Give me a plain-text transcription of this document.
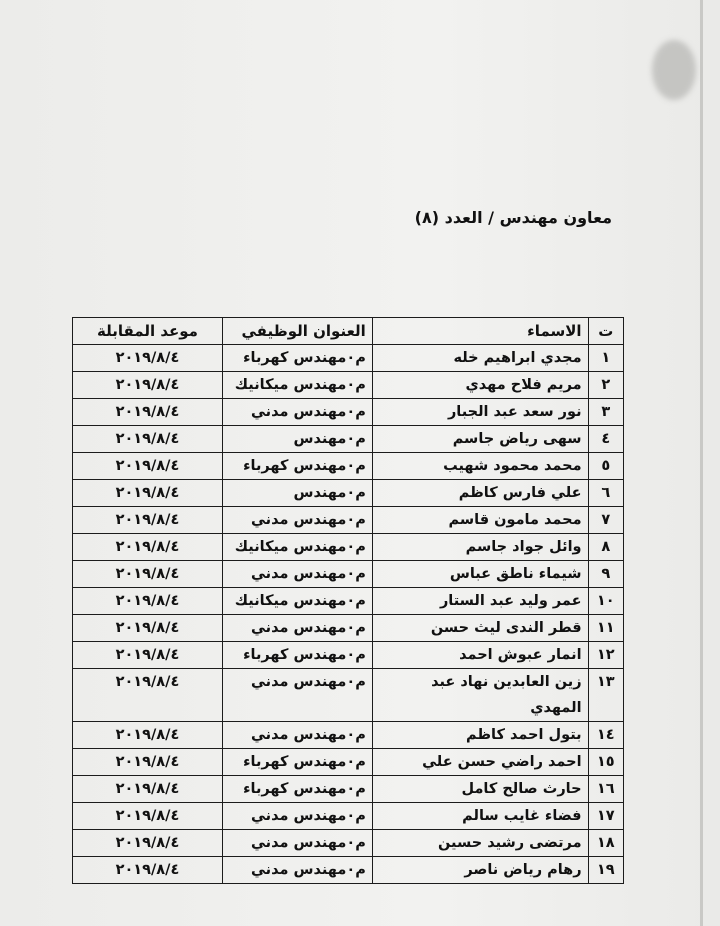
معاون مهندس / العدد (٨)
ت	الاسماء	العنوان الوظيفي	موعد المقابلة
١	مجدي ابراهيم خله	م٠مهندس كهرباء	٢٠١٩/٨/٤
٢	مريم فلاح مهدي	م٠مهندس ميكانيك	٢٠١٩/٨/٤
٣	نور سعد عبد الجبار	م٠مهندس مدني	٢٠١٩/٨/٤
٤	سهى رياض جاسم	م٠مهندس	٢٠١٩/٨/٤
٥	محمد محمود شهيب	م٠مهندس كهرباء	٢٠١٩/٨/٤
٦	علي فارس كاظم	م٠مهندس	٢٠١٩/٨/٤
٧	محمد مامون قاسم	م٠مهندس مدني	٢٠١٩/٨/٤
٨	وائل جواد جاسم	م٠مهندس ميكانيك	٢٠١٩/٨/٤
٩	شيماء ناطق عباس	م٠مهندس مدني	٢٠١٩/٨/٤
١٠	عمر وليد عبد الستار	م٠مهندس ميكانيك	٢٠١٩/٨/٤
١١	قطر الندى ليث حسن	م٠مهندس مدني	٢٠١٩/٨/٤
١٢	انمار عبوش احمد	م٠مهندس كهرباء	٢٠١٩/٨/٤
١٣	زين العابدين نهاد عبد المهدي	م٠مهندس مدني	٢٠١٩/٨/٤
١٤	بتول احمد كاظم	م٠مهندس مدني	٢٠١٩/٨/٤
١٥	احمد راضي حسن علي	م٠مهندس كهرباء	٢٠١٩/٨/٤
١٦	حارث صالح كامل	م٠مهندس كهرباء	٢٠١٩/٨/٤
١٧	فضاء غايب سالم	م٠مهندس مدني	٢٠١٩/٨/٤
١٨	مرتضى رشيد حسين	م٠مهندس مدني	٢٠١٩/٨/٤
١٩	رهام رياض ناصر	م٠مهندس مدني	٢٠١٩/٨/٤
